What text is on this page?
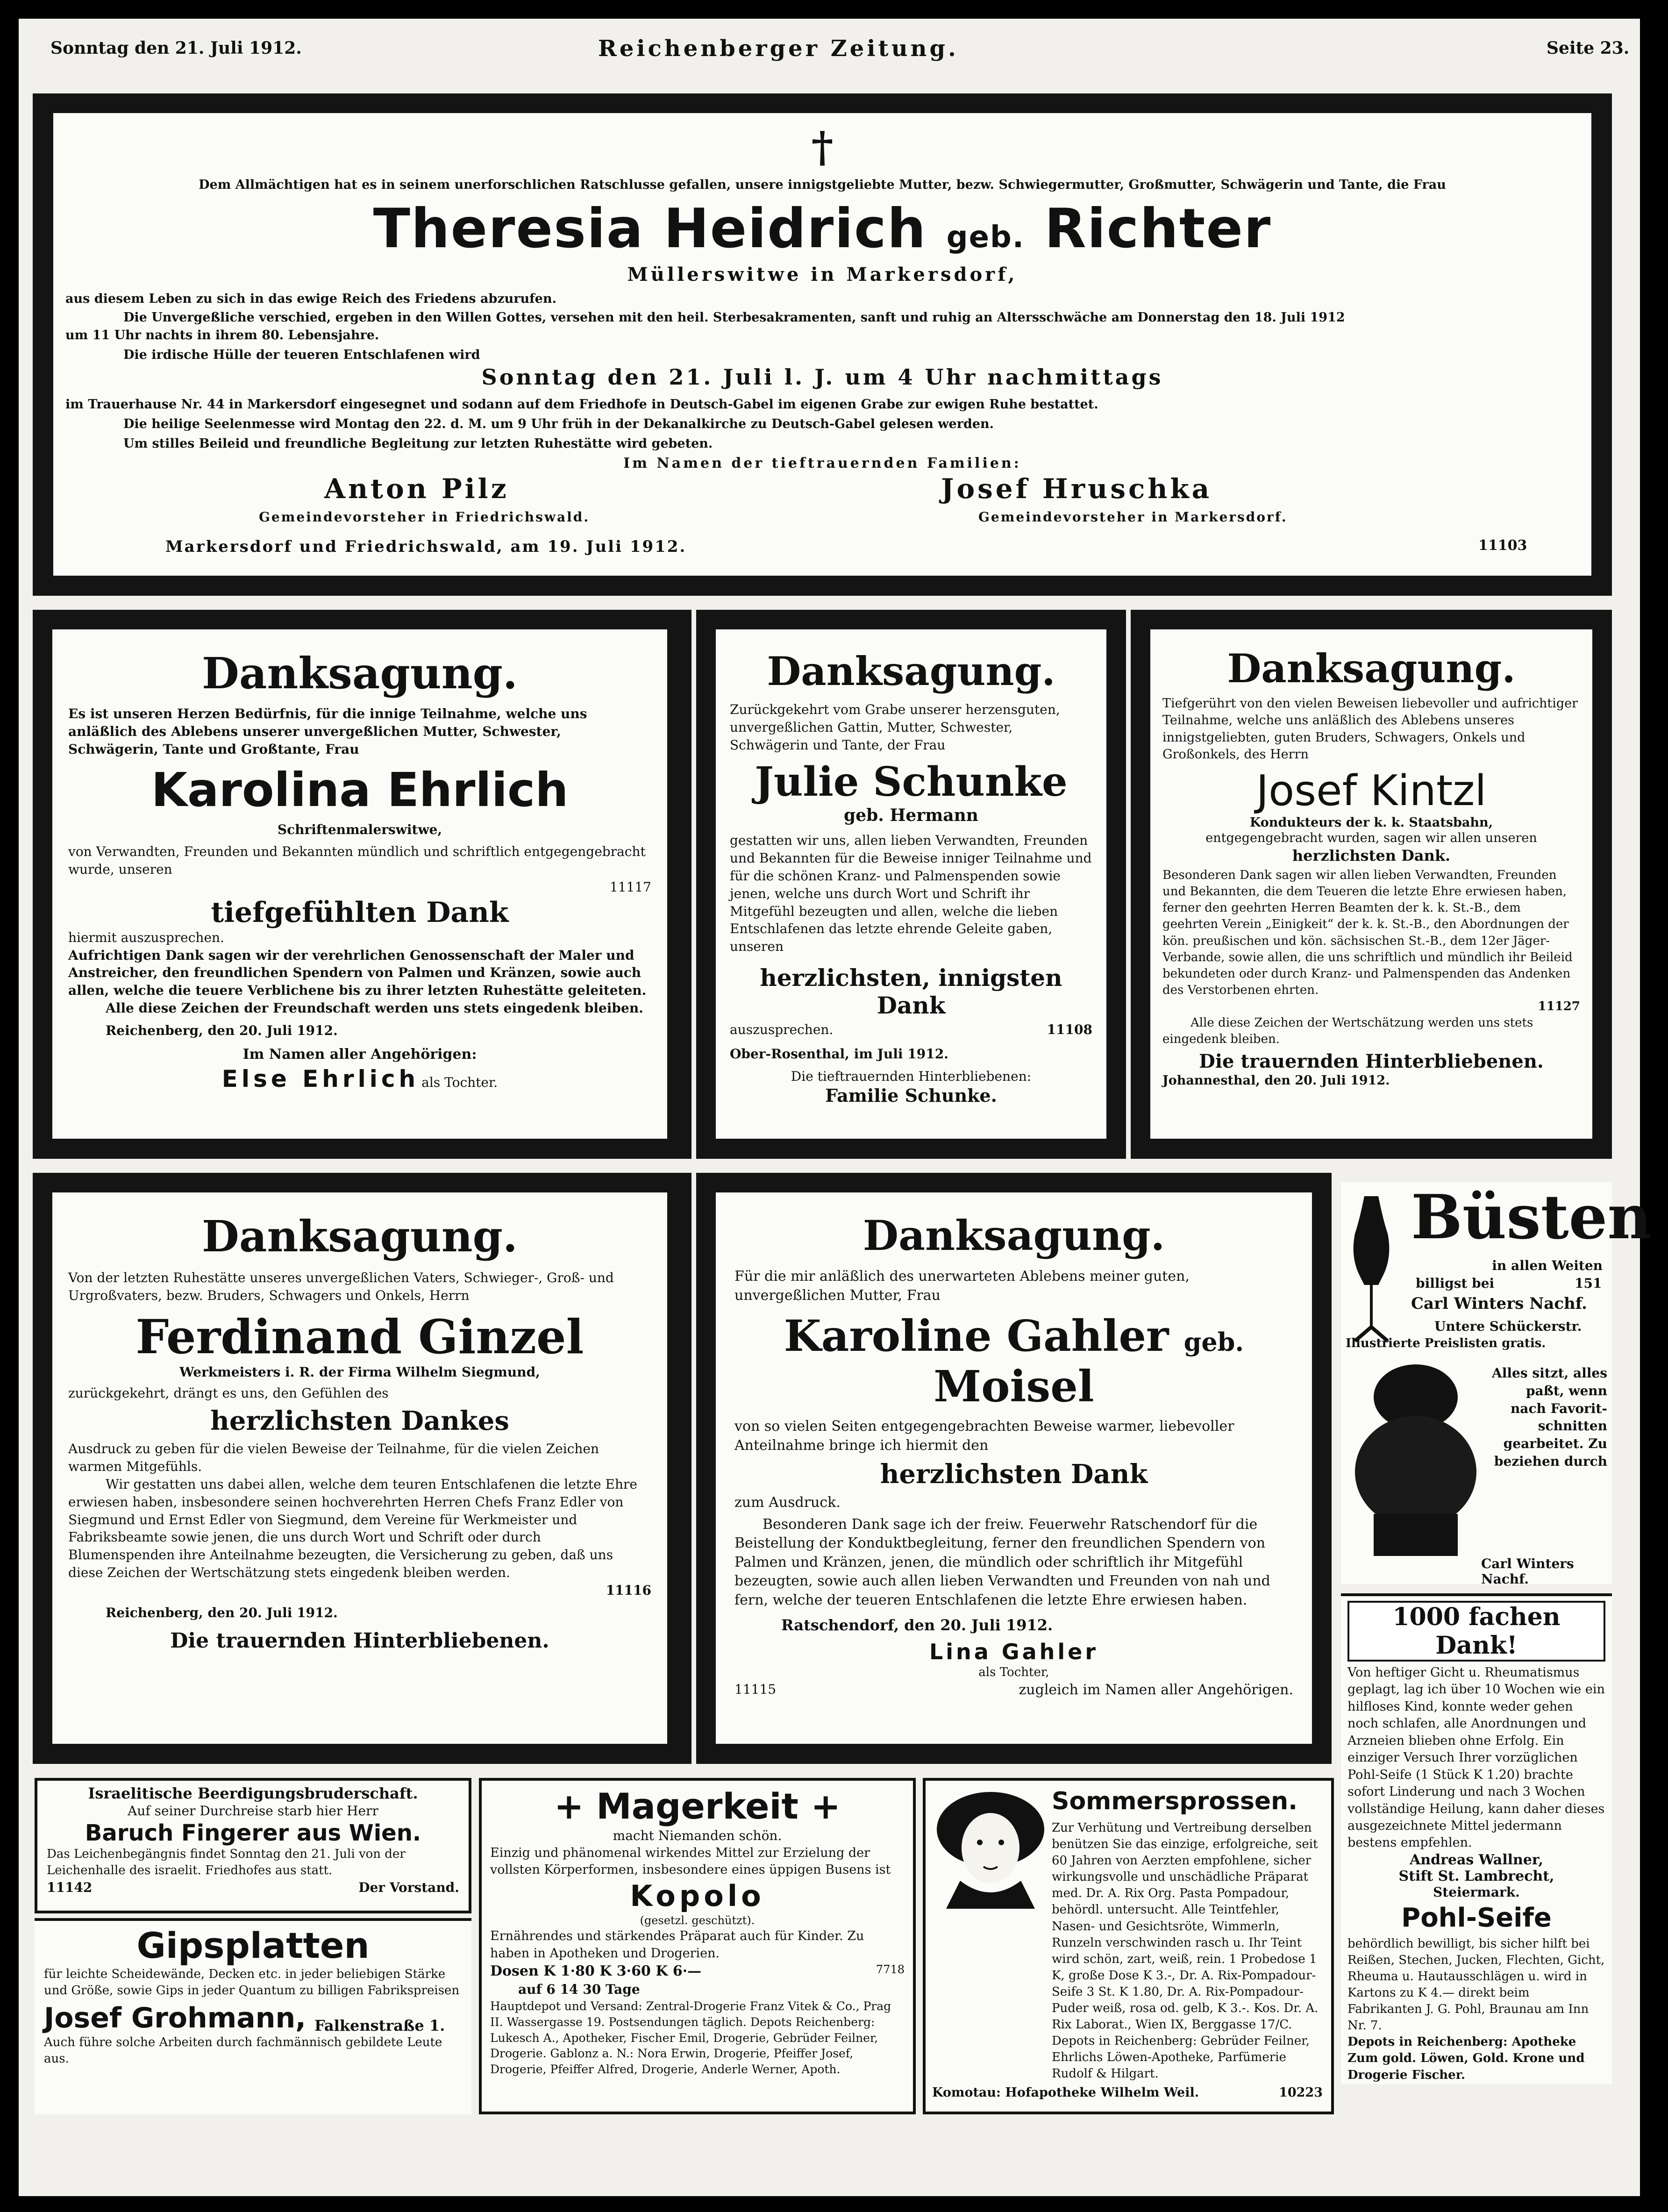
Sonntag den 21. Juli 1912.	Reichenberger Zeitung.	Seite 23.
†

Dem Allmächtigen hat es in seinem unerforschlichen Ratschlusse gefallen, unsere innigstgeliebte Mutter, bezw. Schwiegermutter, Großmutter, Schwägerin und Tante, die Frau

Theresia Heidrich geb. Richter

Müllerswitwe in Markersdorf,

aus diesem Leben zu sich in das ewige Reich des Friedens abzurufen.

Die Unvergeßliche verschied, ergeben in den Willen Gottes, versehen mit den heil. Sterbesakramenten, sanft und ruhig an Altersschwäche am Donnerstag den 18. Juli 1912

um 11 Uhr nachts in ihrem 80. Lebensjahre.

Die irdische Hülle der teueren Entschlafenen wird

Sonntag den 21. Juli l. J. um 4 Uhr nachmittags

im Trauerhause Nr. 44 in Markersdorf eingesegnet und sodann auf dem Friedhofe in Deutsch-Gabel im eigenen Grabe zur ewigen Ruhe bestattet.

Die heilige Seelenmesse wird Montag den 22. d. M. um 9 Uhr früh in der Dekanalkirche zu Deutsch-Gabel gelesen werden.

Um stilles Beileid und freundliche Begleitung zur letzten Ruhestätte wird gebeten.

Im Namen der tieftrauernden Familien:

Anton Pilz

Gemeindevorsteher in Friedrichswald.

Josef Hruschka

Gemeindevorsteher in Markersdorf.

Markersdorf und Friedrichswald, am 19. Juli 1912.	11103

Danksagung.

Es ist unseren Herzen Bedürfnis, für die innige Teilnahme, welche uns anläßlich des Ablebens unserer unvergeßlichen Mutter, Schwester, Schwägerin, Tante und Großtante, Frau

Karolina Ehrlich

Schriftenmalerswitwe,

von Verwandten, Freunden und Bekannten mündlich und schriftlich entgegengebracht wurde, unseren

11117

tiefgefühlten Dank

hiermit auszusprechen.

Aufrichtigen Dank sagen wir der verehrlichen Genossenschaft der Maler und Anstreicher, den freundlichen Spendern von Palmen und Kränzen, sowie auch allen, welche die teuere Verblichene bis zu ihrer letzten Ruhestätte geleiteten.

Alle diese Zeichen der Freundschaft werden uns stets eingedenk bleiben.

Reichenberg, den 20. Juli 1912.

Im Namen aller Angehörigen:

Else Ehrlich als Tochter.

Danksagung.

Zurückgekehrt vom Grabe unserer herzensguten, unvergeßlichen Gattin, Mutter, Schwester, Schwägerin und Tante, der Frau

Julie Schunke

geb. Hermann

gestatten wir uns, allen lieben Verwandten, Freunden und Bekannten für die Beweise inniger Teilnahme und für die schönen Kranz- und Palmenspenden sowie jenen, welche uns durch Wort und Schrift ihr Mitgefühl bezeugten und allen, welche die lieben Entschlafenen das letzte ehrende Geleite gaben, unseren

herzlichsten, innigsten Dank

auszusprechen.	11108

Ober-Rosenthal, im Juli 1912.

Die tieftrauernden Hinterbliebenen:

Familie Schunke.

Danksagung.

Tiefgerührt von den vielen Beweisen liebevoller und aufrichtiger Teilnahme, welche uns anläßlich des Ablebens unseres innigstgeliebten, guten Bruders, Schwagers, Onkels und Großonkels, des Herrn

Josef Kintzl

Kondukteurs der k. k. Staatsbahn,

entgegengebracht wurden, sagen wir allen unseren

herzlichsten Dank.

Besonderen Dank sagen wir allen lieben Verwandten, Freunden und Bekannten, die dem Teueren die letzte Ehre erwiesen haben, ferner den geehrten Herren Beamten der k. k. St.-B., dem geehrten Verein „Einigkeit“ der k. k. St.-B., den Abordnungen der kön. preußischen und kön. sächsischen St.-B., dem 12er Jäger-Verbande, sowie allen, die uns schriftlich und mündlich ihr Beileid bekundeten oder durch Kranz- und Palmenspenden das Andenken des Verstorbenen ehrten.

11127

Alle diese Zeichen der Wertschätzung werden uns stets eingedenk bleiben.

Die trauernden Hinterbliebenen.

Johannesthal, den 20. Juli 1912.

Danksagung.

Von der letzten Ruhestätte unseres unvergeßlichen Vaters, Schwieger-, Groß- und Urgroßvaters, bezw. Bruders, Schwagers und Onkels, Herrn

Ferdinand Ginzel

Werkmeisters i. R. der Firma Wilhelm Siegmund,

zurückgekehrt, drängt es uns, den Gefühlen des

herzlichsten Dankes

Ausdruck zu geben für die vielen Beweise der Teilnahme, für die vielen Zeichen warmen Mitgefühls.

Wir gestatten uns dabei allen, welche dem teuren Entschlafenen die letzte Ehre erwiesen haben, insbesondere seinen hochverehrten Herren Chefs Franz Edler von Siegmund und Ernst Edler von Siegmund, dem Vereine für Werkmeister und Fabriksbeamte sowie jenen, die uns durch Wort und Schrift oder durch Blumenspenden ihre Anteilnahme bezeugten, die Versicherung zu geben, daß uns diese Zeichen der Wertschätzung stets eingedenk bleiben werden.

11116

Reichenberg, den 20. Juli 1912.

Die trauernden Hinterbliebenen.

Danksagung.

Für die mir anläßlich des unerwarteten Ablebens meiner guten, unvergeßlichen Mutter, Frau

Karoline Gahler geb. Moisel

von so vielen Seiten entgegengebrachten Beweise warmer, liebevoller Anteilnahme bringe ich hiermit den

herzlichsten Dank

zum Ausdruck.

Besonderen Dank sage ich der freiw. Feuerwehr Ratschendorf für die Beistellung der Konduktbegleitung, ferner den freundlichen Spendern von Palmen und Kränzen, jenen, die mündlich oder schriftlich ihr Mitgefühl bezeugten, sowie auch allen lieben Verwandten und Freunden von nah und fern, welche der teueren Entschlafenen die letzte Ehre erwiesen haben.

Ratschendorf, den 20. Juli 1912.

Lina Gahler

als Tochter,

11115	zugleich im Namen aller Angehörigen.

Büsten

in allen Weiten

billigst bei	151

Carl Winters Nachf.

Untere Schückerstr.

Illustrierte Preislisten gratis.

Alles sitzt, alles paßt, wenn nach Favorit-schnitten gearbeitet. Zu beziehen durch

Carl Winters Nachf.

1000 fachen Dank!

Von heftiger Gicht u. Rheumatismus geplagt, lag ich über 10 Wochen wie ein hilfloses Kind, konnte weder gehen noch schlafen, alle Anordnungen und Arzneien blieben ohne Erfolg. Ein einziger Versuch Ihrer vorzüglichen Pohl-Seife (1 Stück K 1.20) brachte sofort Linderung und nach 3 Wochen vollständige Heilung, kann daher dieses ausgezeichnete Mittel jedermann bestens empfehlen.

Andreas Wallner,

Stift St. Lambrecht,

Steiermark.

Pohl-Seife

behördlich bewilligt, bis sicher hilft bei Reißen, Stechen, Jucken, Flechten, Gicht, Rheuma u. Hautausschlägen u. wird in Kartons zu K 4.— direkt beim Fabrikanten J. G. Pohl, Braunau am Inn Nr. 7.

Depots in Reichenberg: Apotheke Zum gold. Löwen, Gold. Krone und Drogerie Fischer.

Israelitische Beerdigungsbruderschaft.

Auf seiner Durchreise starb hier Herr

Baruch Fingerer aus Wien.

Das Leichenbegängnis findet Sonntag den 21. Juli von der Leichenhalle des israelit. Friedhofes aus statt.

11142	Der Vorstand.

Gipsplatten

für leichte Scheidewände, Decken etc. in jeder beliebigen Stärke und Größe, sowie Gips in jeder Quantum zu billigen Fabrikspreisen

Josef Grohmann, Falkenstraße 1.

Auch führe solche Arbeiten durch fachmännisch gebildete Leute aus.

+ Magerkeit +

macht Niemanden schön.

Einzig und phänomenal wirkendes Mittel zur Erzielung der vollsten Körperformen, insbesondere eines üppigen Busens ist

Kopolo

(gesetzl. geschützt).

Ernährendes und stärkendes Präparat auch für Kinder. Zu haben in Apotheken und Drogerien.

Dosen K 1·80 K 3·60 K 6·—	7718

auf 6 14 30 Tage

Hauptdepot und Versand: Zentral-Drogerie Franz Vitek & Co., Prag II. Wassergasse 19. Postsendungen täglich. Depots Reichenberg: Lukesch A., Apotheker, Fischer Emil, Drogerie, Gebrüder Feilner, Drogerie. Gablonz a. N.: Nora Erwin, Drogerie, Pfeiffer Josef, Drogerie, Pfeiffer Alfred, Drogerie, Anderle Werner, Apoth.

Sommersprossen.

Zur Verhütung und Vertreibung derselben benützen Sie das einzige, erfolgreiche, seit 60 Jahren von Aerzten empfohlene, sicher wirkungsvolle und unschädliche Präparat med. Dr. A. Rix Org. Pasta Pompadour, behördl. untersucht. Alle Teintfehler, Nasen- und Gesichtsröte, Wimmerln, Runzeln verschwinden rasch u. Ihr Teint wird schön, zart, weiß, rein. 1 Probedose 1 K, große Dose K 3.-, Dr. A. Rix-Pompadour-Seife 3 St. K 1.80, Dr. A. Rix-Pompadour-Puder weiß, rosa od. gelb, K 3.-. Kos. Dr. A. Rix Laborat., Wien IX, Berggasse 17/C. Depots in Reichenberg: Gebrüder Feilner, Ehrlichs Löwen-Apotheke, Parfümerie Rudolf & Hilgart.

Komotau: Hofapotheke Wilhelm Weil.	10223
